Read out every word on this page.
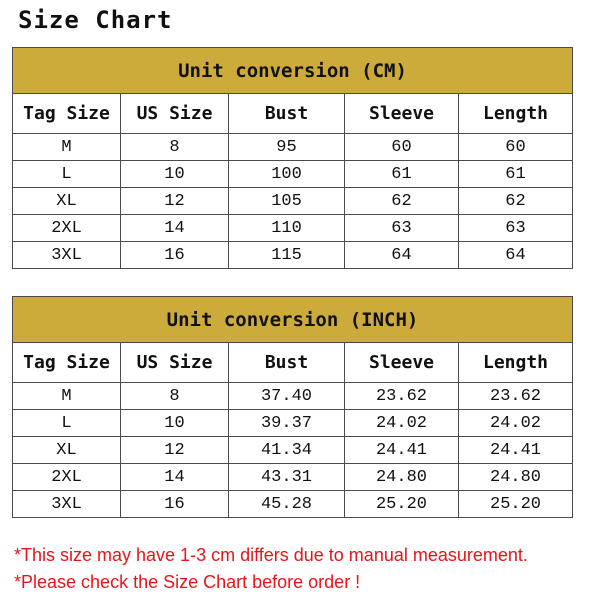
Size Chart
Unit conversion (CM)				
Tag Size	US Size	Bust	Sleeve	Length
M	8	95	60	60
L	10	100	61	61
XL	12	105	62	62
2XL	14	110	63	63
3XL	16	115	64	64
Unit conversion (INCH)				
Tag Size	US Size	Bust	Sleeve	Length
M	8	37.40	23.62	23.62
L	10	39.37	24.02	24.02
XL	12	41.34	24.41	24.41
2XL	14	43.31	24.80	24.80
3XL	16	45.28	25.20	25.20
*This size may have 1-3 cm differs due to manual measurement.
*Please check the Size Chart before order !
